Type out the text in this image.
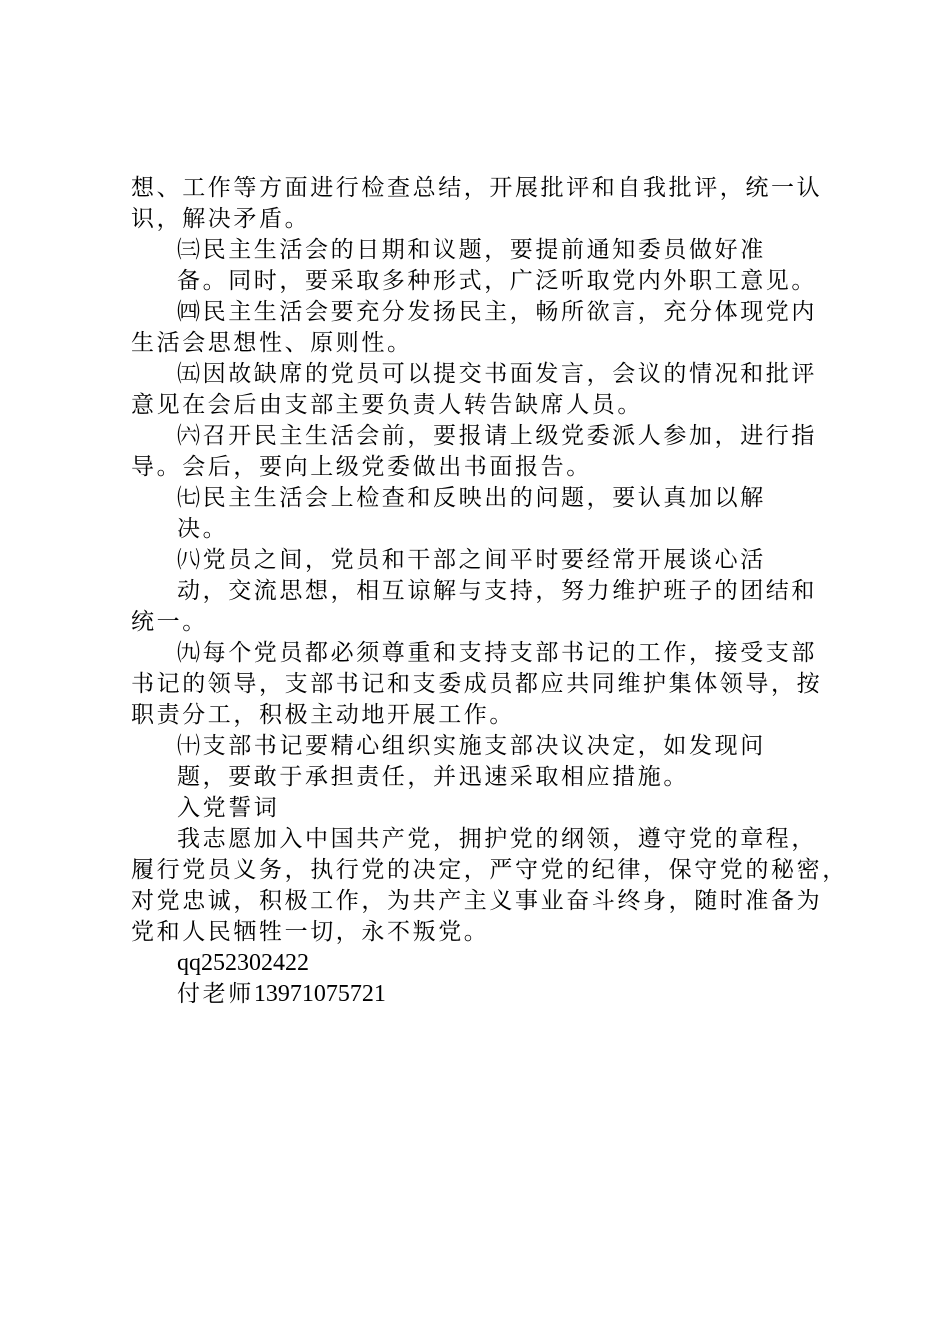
想、工作等方面进行检查总结，开展批评和自我批评，统一认
识，解决矛盾。
㈢民主生活会的日期和议题，要提前通知委员做好准
备。同时，要采取多种形式，广泛听取党内外职工意见。
㈣民主生活会要充分发扬民主，畅所欲言，充分体现党内
生活会思想性、原则性。
㈤因故缺席的党员可以提交书面发言，会议的情况和批评
意见在会后由支部主要负责人转告缺席人员。
㈥召开民主生活会前，要报请上级党委派人参加，进行指
导。会后，要向上级党委做出书面报告。
㈦民主生活会上检查和反映出的问题，要认真加以解
决。
㈧党员之间，党员和干部之间平时要经常开展谈心活
动，交流思想，相互谅解与支持，努力维护班子的团结和
统一。
㈨每个党员都必须尊重和支持支部书记的工作，接受支部
书记的领导，支部书记和支委成员都应共同维护集体领导，按
职责分工，积极主动地开展工作。
㈩支部书记要精心组织实施支部决议决定，如发现问
题，要敢于承担责任，并迅速采取相应措施。
入党誓词
我志愿加入中国共产党，拥护党的纲领，遵守党的章程，
履行党员义务，执行党的决定，严守党的纪律，保守党的秘密，
对党忠诚，积极工作，为共产主义事业奋斗终身，随时准备为
党和人民牺牲一切，永不叛党。
qq252302422
付老师13971075721
